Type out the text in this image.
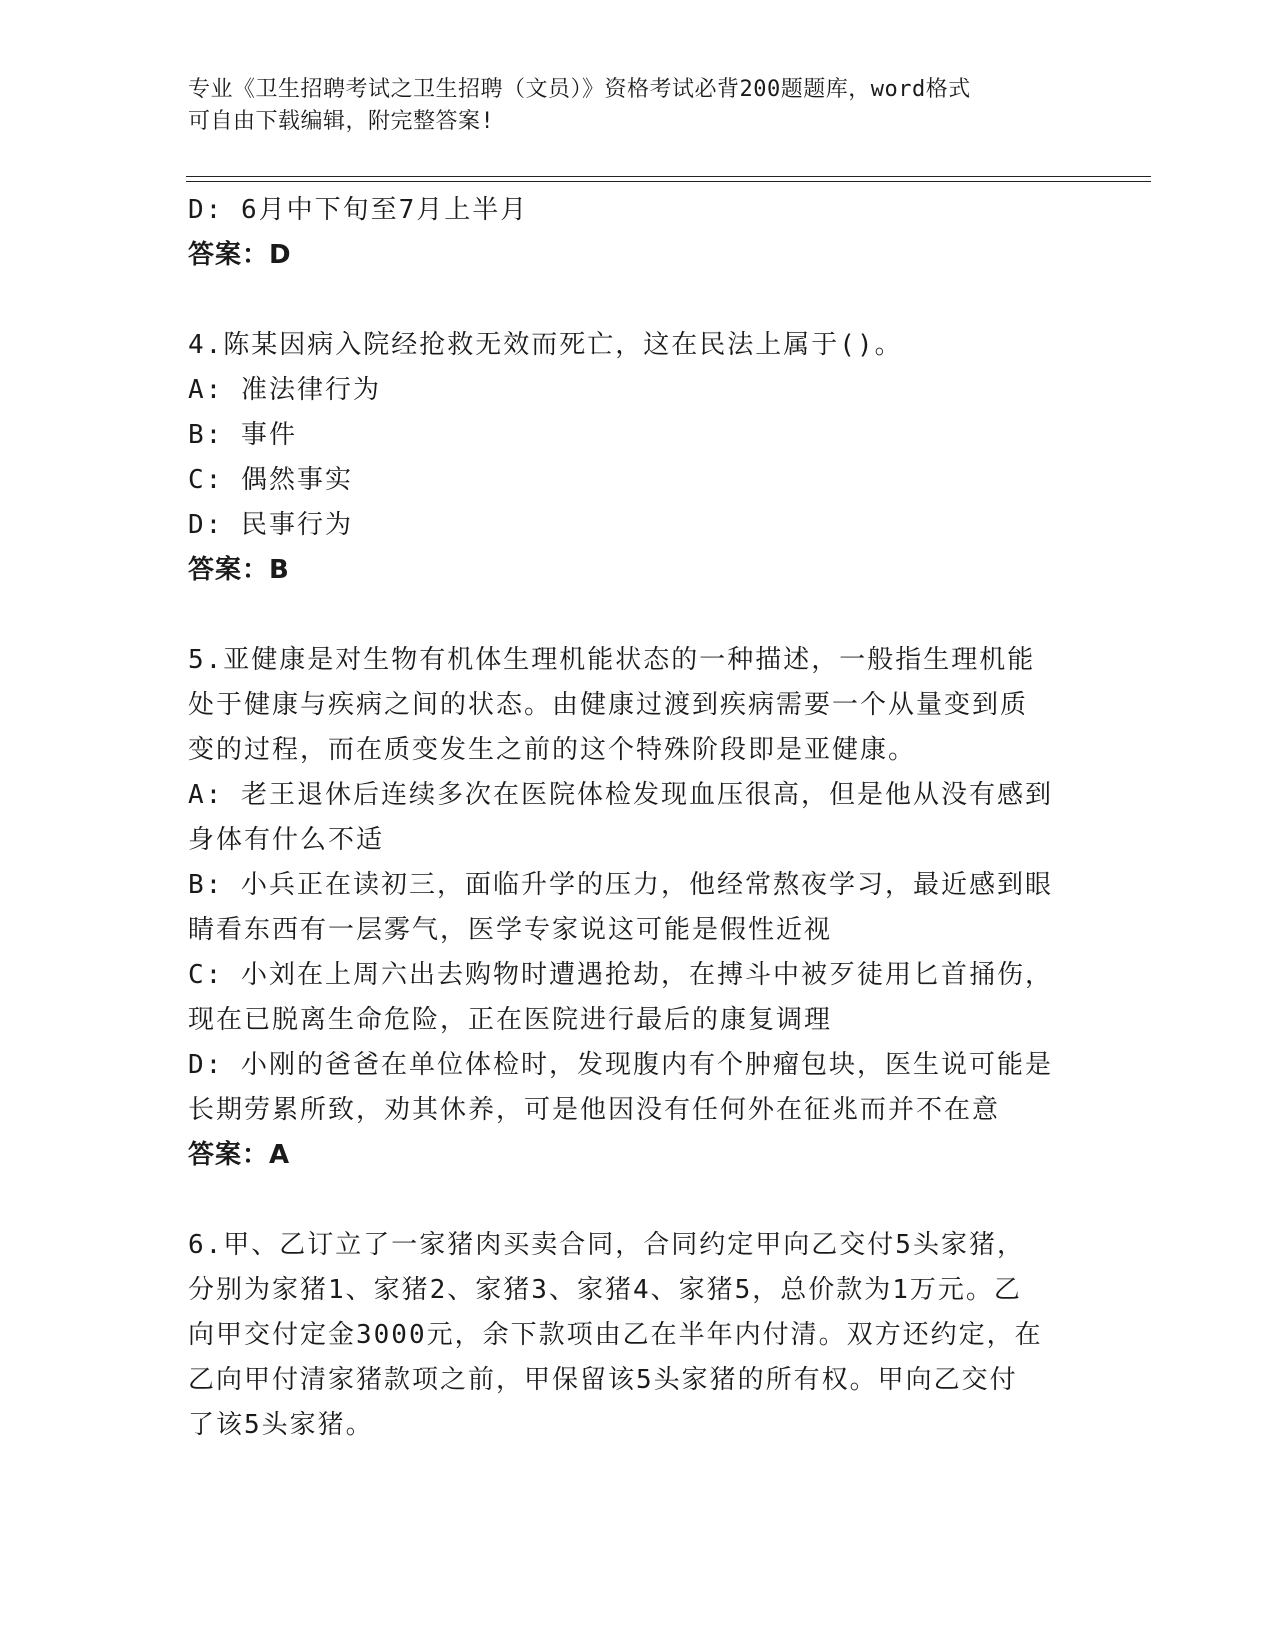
专业《卫生招聘考试之卫生招聘（文员）》资格考试必背200题题库，word格式
可自由下载编辑，附完整答案!
D: 6月中下旬至7月上半月
答案：D
4.陈某因病入院经抢救无效而死亡，这在民法上属于()。
A: 准法律行为
B: 事件
C: 偶然事实
D: 民事行为
答案：B
5.亚健康是对生物有机体生理机能状态的一种描述，一般指生理机能
处于健康与疾病之间的状态。由健康过渡到疾病需要一个从量变到质
变的过程，而在质变发生之前的这个特殊阶段即是亚健康。
A: 老王退休后连续多次在医院体检发现血压很高，但是他从没有感到
身体有什么不适
B: 小兵正在读初三，面临升学的压力，他经常熬夜学习，最近感到眼
睛看东西有一层雾气，医学专家说这可能是假性近视
C: 小刘在上周六出去购物时遭遇抢劫，在搏斗中被歹徒用匕首捅伤，
现在已脱离生命危险，正在医院进行最后的康复调理
D: 小刚的爸爸在单位体检时，发现腹内有个肿瘤包块，医生说可能是
长期劳累所致，劝其休养，可是他因没有任何外在征兆而并不在意
答案：A
6.甲、乙订立了一家猪肉买卖合同，合同约定甲向乙交付5头家猪，
分别为家猪1、家猪2、家猪3、家猪4、家猪5，总价款为1万元。乙
向甲交付定金3000元，余下款项由乙在半年内付清。双方还约定，在
乙向甲付清家猪款项之前，甲保留该5头家猪的所有权。甲向乙交付
了该5头家猪。
